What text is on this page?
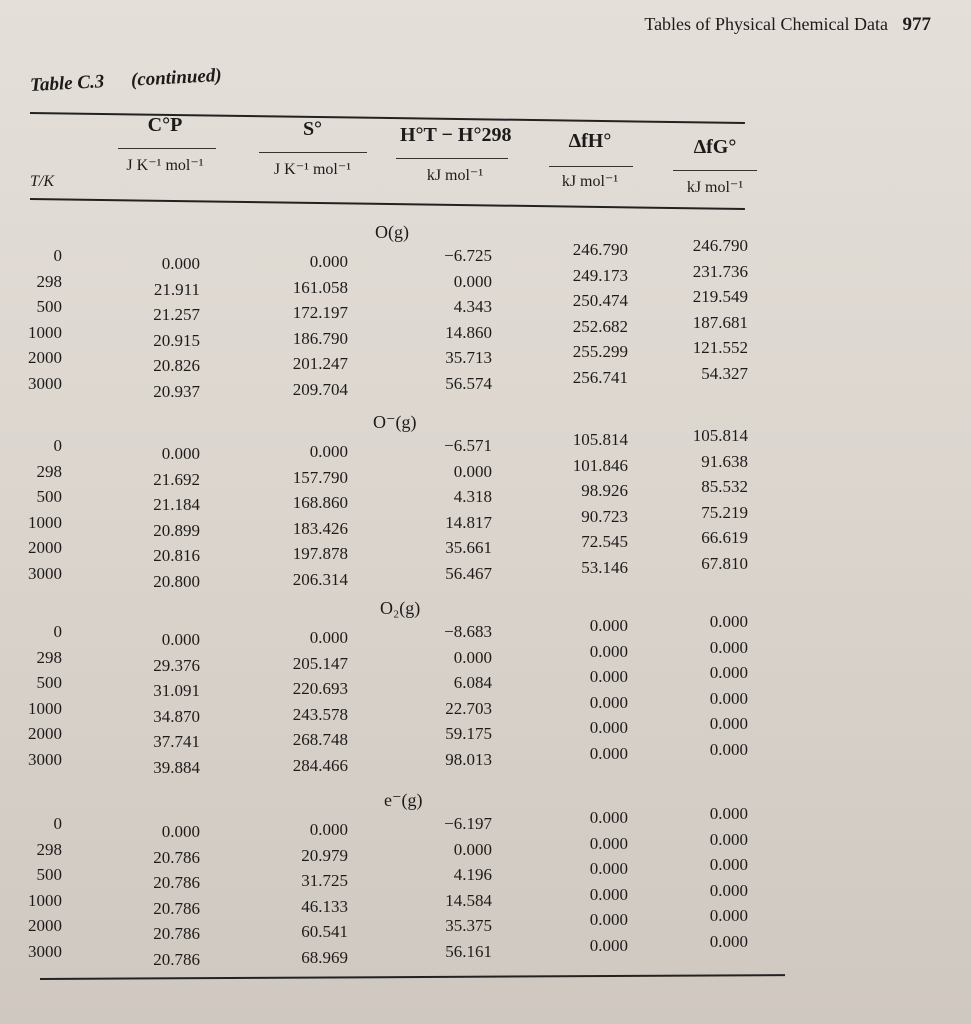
Tables of Physical Chemical Data 977
Table C.3 (continued)
T/K
C°P
J K⁻¹ mol⁻¹
S°
J K⁻¹ mol⁻¹
H°T − H°298
kJ mol⁻¹
ΔfH°
kJ mol⁻¹
ΔfG°
kJ mol⁻¹
O(g)
0	0.000	0.000	−6.725	246.790	246.790
298	21.911	161.058	0.000	249.173	231.736
500	21.257	172.197	4.343	250.474	219.549
1000	20.915	186.790	14.860	252.682	187.681
2000	20.826	201.247	35.713	255.299	121.552
3000	20.937	209.704	56.574	256.741	54.327
O⁻(g)
0	0.000	0.000	−6.571	105.814	105.814
298	21.692	157.790	0.000	101.846	91.638
500	21.184	168.860	4.318	98.926	85.532
1000	20.899	183.426	14.817	90.723	75.219
2000	20.816	197.878	35.661	72.545	66.619
3000	20.800	206.314	56.467	53.146	67.810
O₂(g)
0	0.000	0.000	−8.683	0.000	0.000
298	29.376	205.147	0.000	0.000	0.000
500	31.091	220.693	6.084	0.000	0.000
1000	34.870	243.578	22.703	0.000	0.000
2000	37.741	268.748	59.175	0.000	0.000
3000	39.884	284.466	98.013	0.000	0.000
e⁻(g)
0	0.000	0.000	−6.197	0.000	0.000
298	20.786	20.979	0.000	0.000	0.000
500	20.786	31.725	4.196	0.000	0.000
1000	20.786	46.133	14.584	0.000	0.000
2000	20.786	60.541	35.375	0.000	0.000
3000	20.786	68.969	56.161	0.000	0.000
